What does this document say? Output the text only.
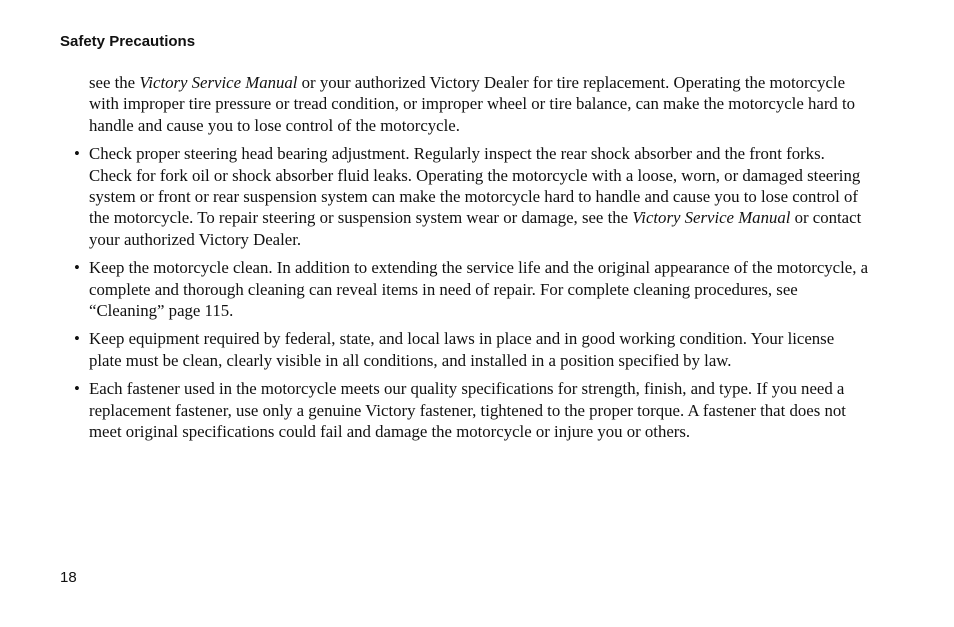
Safety Precautions

see the Victory Service Manual or your authorized Victory Dealer for tire replacement. Operating the motorcycle with improper tire pressure or tread condition, or improper wheel or tire balance, can make the motorcycle hard to handle and cause you to lose control of the motorcycle.

• Check proper steering head bearing adjustment. Regularly inspect the rear shock absorber and the front forks. Check for fork oil or shock absorber fluid leaks. Operating the motorcycle with a loose, worn, or damaged steering system or front or rear suspension system can make the motorcycle hard to handle and cause you to lose control of the motorcycle. To repair steering or suspension system wear or damage, see the Victory Service Manual or contact your authorized Victory Dealer.
• Keep the motorcycle clean. In addition to extending the service life and the original appearance of the motorcycle, a complete and thorough cleaning can reveal items in need of repair. For complete cleaning procedures, see “Cleaning” page 115.
• Keep equipment required by federal, state, and local laws in place and in good working condition. Your license plate must be clean, clearly visible in all conditions, and installed in a position specified by law.
• Each fastener used in the motorcycle meets our quality specifications for strength, finish, and type. If you need a replacement fastener, use only a genuine Victory fastener, tightened to the proper torque. A fastener that does not meet original specifications could fail and damage the motorcycle or injure you or others.
18
